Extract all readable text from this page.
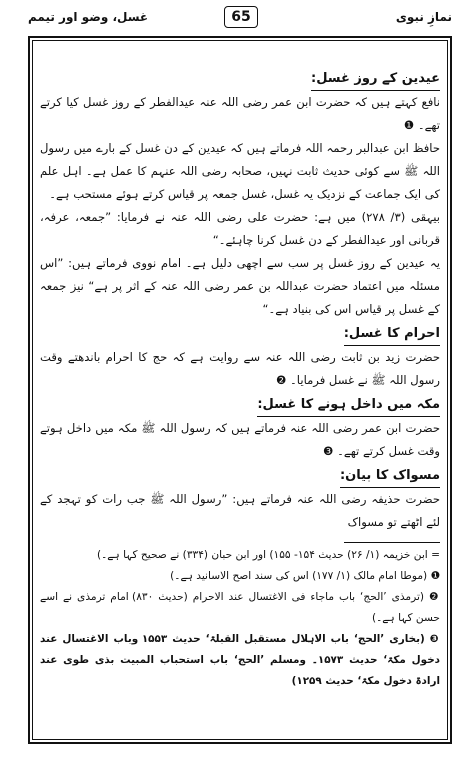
نمازِ نبوی
65
غسل، وضو اور تیمم
عیدین کے روز غسل:

نافع کہتے ہیں کہ حضرت ابن عمر رضی اللہ عنہ عیدالفطر کے روز غسل کیا کرتے تھے۔ ❶

حافظ ابن عبدالبر رحمہ اللہ فرماتے ہیں کہ عیدین کے دن غسل کے بارے میں رسول اللہ ﷺ سے کوئی حدیث ثابت نہیں، صحابہ رضی اللہ عنہم کا عمل ہے۔ اہل علم کی ایک جماعت کے نزدیک یہ غسل، غسل جمعہ پر قیاس کرتے ہوئے مستحب ہے۔

بیہقی (۳/ ۲۷۸) میں ہے: حضرت علی رضی اللہ عنہ نے فرمایا: ”جمعہ، عرفہ، قربانی اور عیدالفطر کے دن غسل کرنا چاہئے۔“

یہ عیدین کے روز غسل پر سب سے اچھی دلیل ہے۔ امام نووی فرماتے ہیں: ”اس مسئلہ میں اعتماد حضرت عبداللہ بن عمر رضی اللہ عنہ کے اثر پر ہے“ نیز جمعہ کے غسل پر قیاس اس کی بنیاد ہے۔“

احرام کا غسل:

حضرت زید بن ثابت رضی اللہ عنہ سے روایت ہے کہ حج کا احرام باندھتے وقت رسول اللہ ﷺ نے غسل فرمایا۔ ❷

مکہ میں داخل ہونے کا غسل:

حضرت ابن عمر رضی اللہ عنہ فرماتے ہیں کہ رسول اللہ ﷺ مکہ میں داخل ہوتے وقت غسل کرتے تھے۔ ❸

مسواک کا بیان:

حضرت حذیفہ رضی اللہ عنہ فرماتے ہیں: ”رسول اللہ ﷺ جب رات کو تہجد کے لئے اٹھتے تو مسواک

= ابن خزیمہ (۱/ ۲۶) حدیث ۱۵۴- ۱۵۵) اور ابن حبان (۳۳۴) نے صحیح کہا ہے۔)

❶ (موطا امام مالک (۱/ ۱۷۷) اس کی سند اصح الاسانید ہے۔)

❷ (ترمذی ’الحج‘ باب ماجاء فی الاغتسال عند الاحرام (حدیث ۸۳۰) امام ترمذی نے اسے حسن کہا ہے۔)

❸ (بخاری ’الحج‘ باب الاہلال مستقبل القبلۃ‘ حدیث ۱۵۵۳ وباب الاغتسال عند دخول مکۃ‘ حدیث ۱۵۷۳۔ ومسلم ’الحج‘ باب استحباب المبیت بذی طوی عند ارادۃ دخول مکۃ‘ حدیث ۱۲۵۹)
